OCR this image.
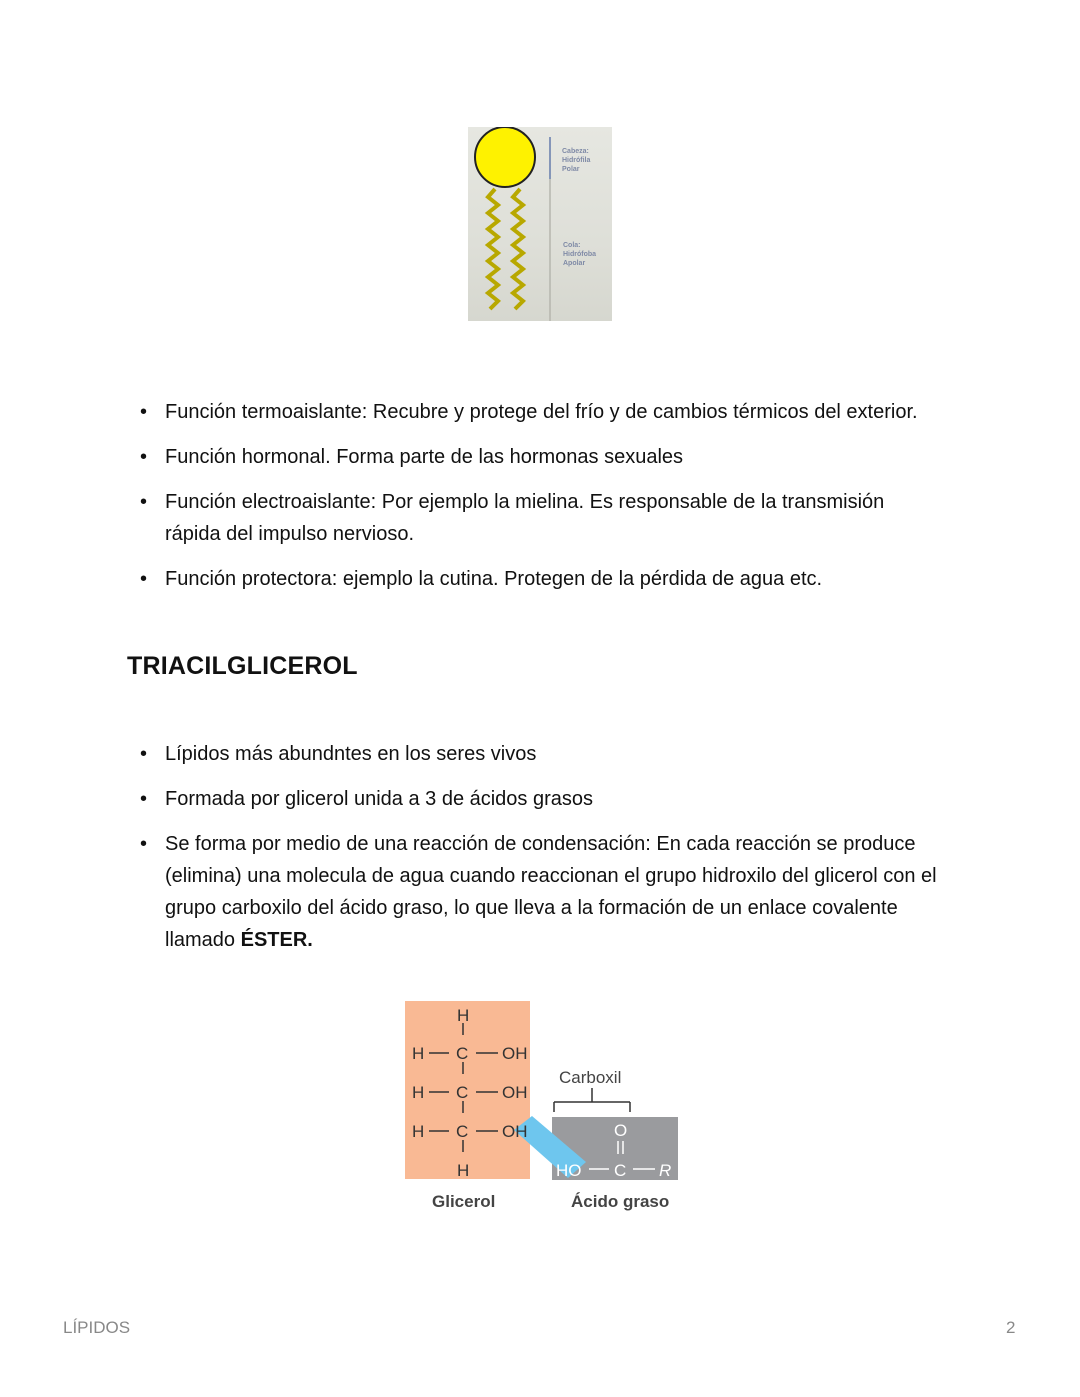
Cabeza:
Hidrófila
Polar
Cola:
Hidrófoba
Apolar
• Función termoaislante: Recubre y protege del frío y de cambios térmicos del exterior.
• Función hormonal. Forma parte de las hormonas sexuales
• Función electroaislante: Por ejemplo la mielina. Es responsable de la transmisión rápida del impulso nervioso.
• Función protectora: ejemplo la cutina. Protegen de la pérdida de agua etc.
TRIACILGLICEROL
• Lípidos más abundntes en los seres vivos
• Formada por glicerol unida a 3 de ácidos grasos
• Se forma por medio de una reacción de condensación: En cada reacción se produce (elimina) una molecula de agua cuando reaccionan el grupo hidroxilo del glicerol con el grupo carboxilo del ácido graso, lo que lleva a la formación de un enlace covalente llamado ÉSTER.
H
H C OH
H C OH
H C OH
H
Carboxil
O
HO C R
Glicerol	Ácido graso
LÍPIDOS	2
